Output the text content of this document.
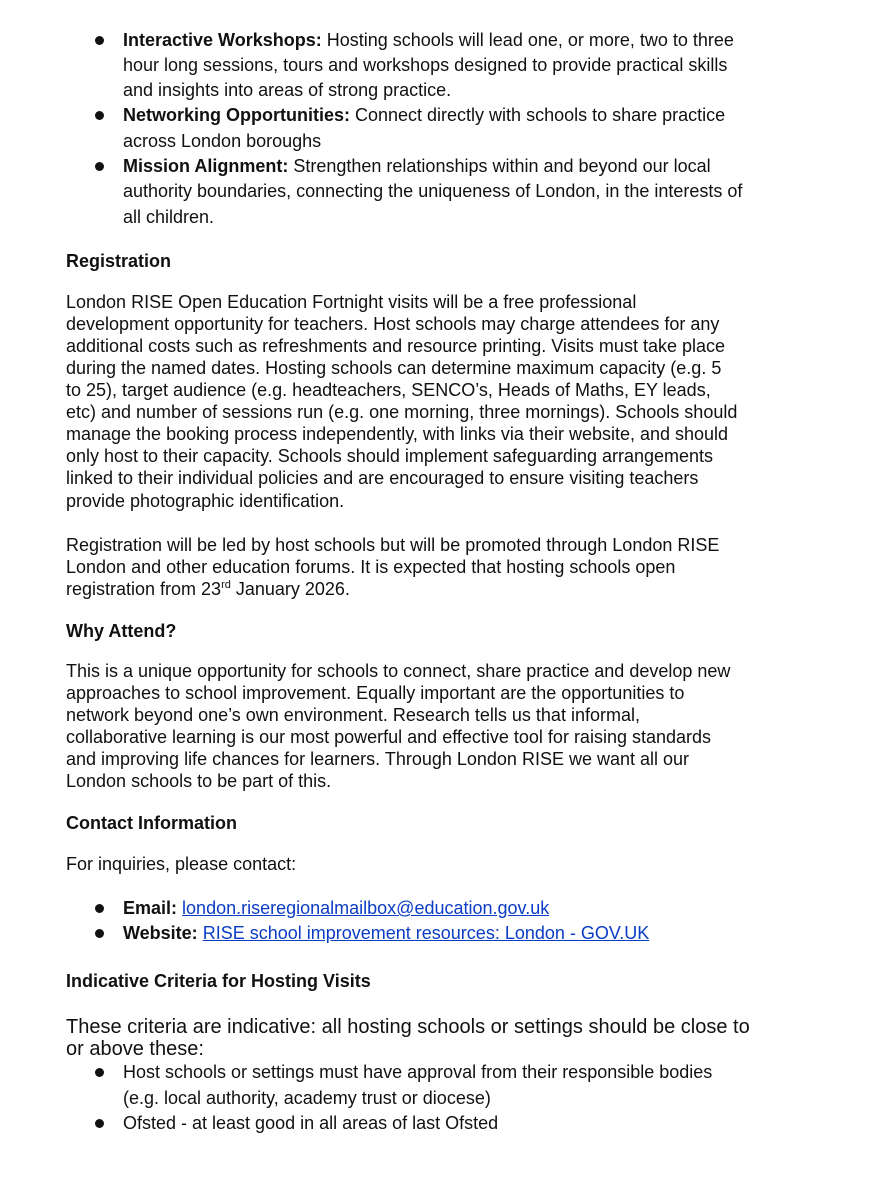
Interactive Workshops: Hosting schools will lead one, or more, two to three
hour long sessions, tours and workshops designed to provide practical skills
and insights into areas of strong practice.
Networking Opportunities: Connect directly with schools to share practice
across London boroughs
Mission Alignment: Strengthen relationships within and beyond our local
authority boundaries, connecting the uniqueness of London, in the interests of
all children.
Registration
London RISE Open Education Fortnight visits will be a free professional
development opportunity for teachers. Host schools may charge attendees for any
additional costs such as refreshments and resource printing. Visits must take place
during the named dates. Hosting schools can determine maximum capacity (e.g. 5
to 25), target audience (e.g. headteachers, SENCO’s, Heads of Maths, EY leads,
etc) and number of sessions run (e.g. one morning, three mornings). Schools should
manage the booking process independently, with links via their website, and should
only host to their capacity. Schools should implement safeguarding arrangements
linked to their individual policies and are encouraged to ensure visiting teachers
provide photographic identification.
Registration will be led by host schools but will be promoted through London RISE
London and other education forums. It is expected that hosting schools open
registration from 23rd January 2026.
Why Attend?
This is a unique opportunity for schools to connect, share practice and develop new
approaches to school improvement. Equally important are the opportunities to
network beyond one’s own environment. Research tells us that informal,
collaborative learning is our most powerful and effective tool for raising standards
and improving life chances for learners. Through London RISE we want all our
London schools to be part of this.
Contact Information
For inquiries, please contact:
Email: london.riseregionalmailbox@education.gov.uk
Website: RISE school improvement resources: London - GOV.UK
Indicative Criteria for Hosting Visits
These criteria are indicative: all hosting schools or settings should be close to
or above these:
Host schools or settings must have approval from their responsible bodies
(e.g. local authority, academy trust or diocese)
Ofsted - at least good in all areas of last Ofsted
